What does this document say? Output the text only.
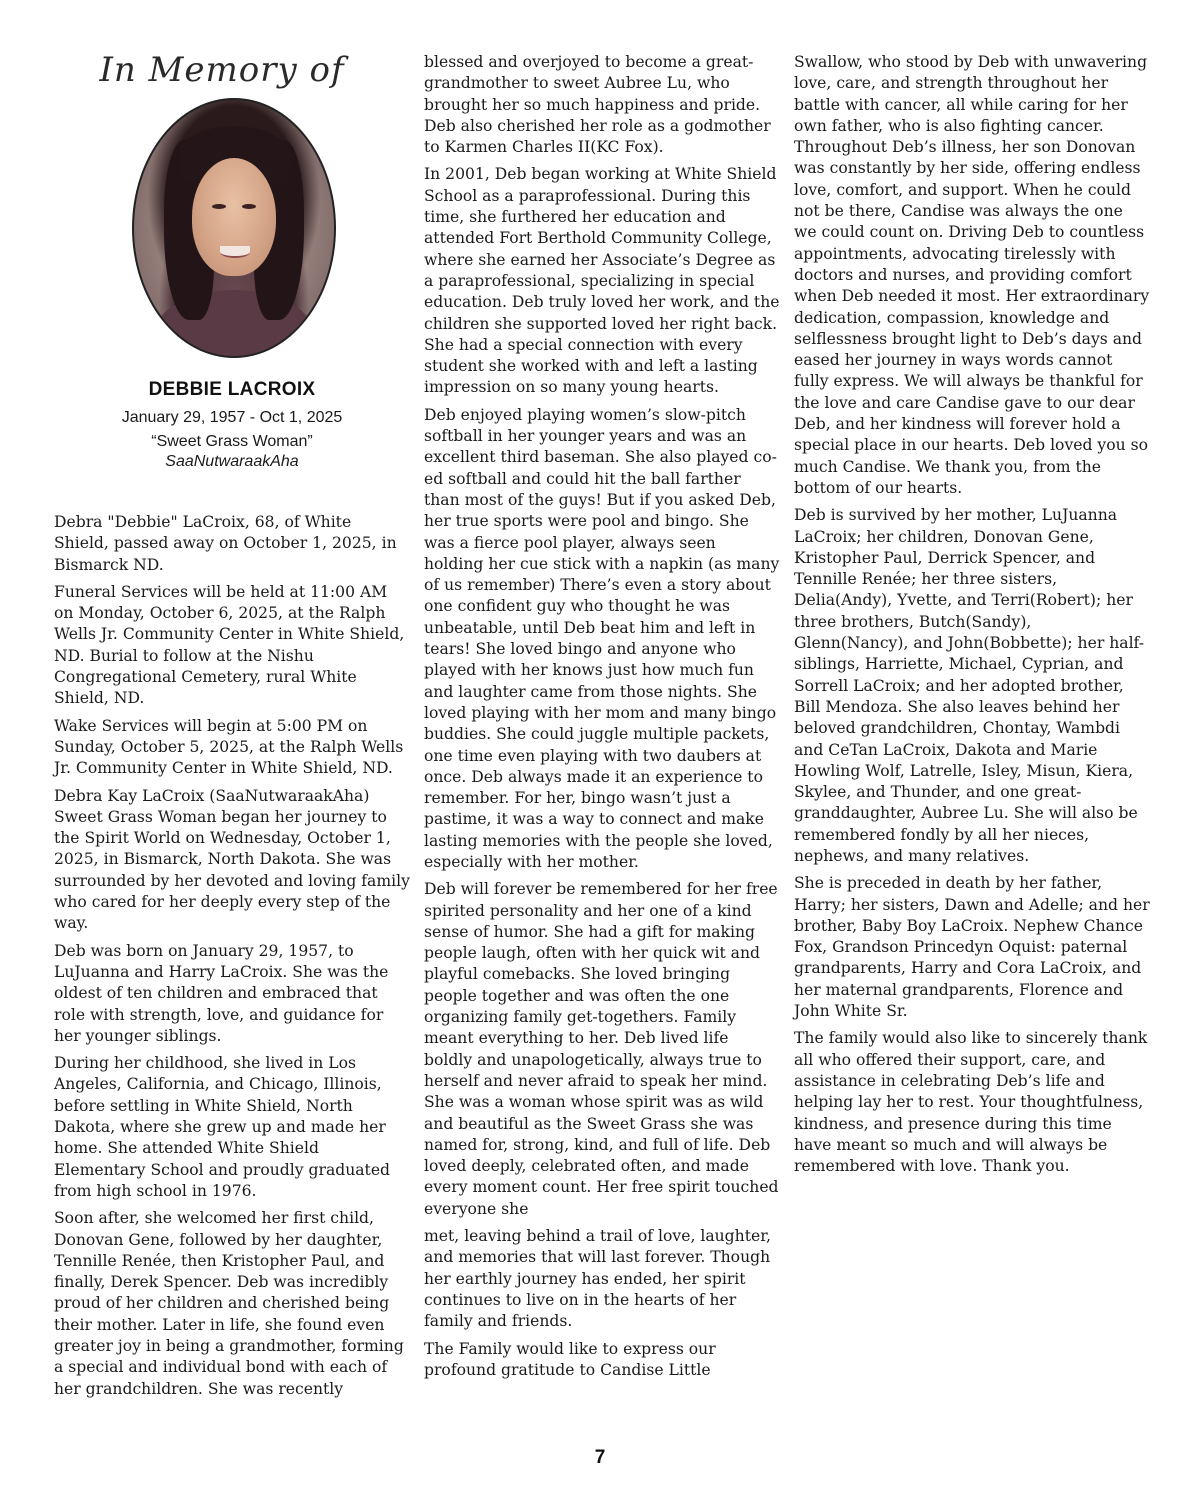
In Memory of
DEBBIE LACROIX
January 29, 1957 - Oct 1, 2025
“Sweet Grass Woman”
SaaNutwaraakAha

Debra "Debbie" LaCroix, 68, of White Shield, passed away on October 1, 2025, in Bismarck ND.

Funeral Services will be held at 11:00 AM on Monday, October 6, 2025, at the Ralph Wells Jr. Community Center in White Shield, ND. Burial to follow at the Nishu Congregational Cemetery, rural White Shield, ND.

Wake Services will begin at 5:00 PM on Sunday, October 5, 2025, at the Ralph Wells Jr. Community Center in White Shield, ND.

Debra Kay LaCroix (SaaNutwaraakAha) Sweet Grass Woman began her journey to the Spirit World on Wednesday, October 1, 2025, in Bismarck, North Dakota. She was surrounded by her devoted and loving family who cared for her deeply every step of the way.

Deb was born on January 29, 1957, to LuJuanna and Harry LaCroix. She was the oldest of ten children and embraced that role with strength, love, and guidance for her younger siblings.

During her childhood, she lived in Los Angeles, California, and Chicago, Illinois, before settling in White Shield, North Dakota, where she grew up and made her home. She attended White Shield Elementary School and proudly graduated from high school in 1976.

Soon after, she welcomed her first child, Donovan Gene, followed by her daughter, Tennille Renée, then Kristopher Paul, and finally, Derek Spencer. Deb was incredibly proud of her children and cherished being their mother. Later in life, she found even greater joy in being a grandmother, forming a special and individual bond with each of her grandchildren. She was recently

blessed and overjoyed to become a great-grandmother to sweet Aubree Lu, who brought her so much happiness and pride. Deb also cherished her role as a godmother to Karmen Charles II(KC Fox).

In 2001, Deb began working at White Shield School as a paraprofessional. During this time, she furthered her education and attended Fort Berthold Community College, where she earned her Associate’s Degree as a paraprofessional, specializing in special education. Deb truly loved her work, and the children she supported loved her right back. She had a special connection with every student she worked with and left a lasting impression on so many young hearts.

Deb enjoyed playing women’s slow-pitch softball in her younger years and was an excellent third baseman. She also played co-ed softball and could hit the ball farther than most of the guys! But if you asked Deb, her true sports were pool and bingo. She was a fierce pool player, always seen holding her cue stick with a napkin (as many of us remember) There’s even a story about one confident guy who thought he was unbeatable, until Deb beat him and left in tears! She loved bingo and anyone who played with her knows just how much fun and laughter came from those nights. She loved playing with her mom and many bingo buddies. She could juggle multiple packets, one time even playing with two daubers at once. Deb always made it an experience to remember. For her, bingo wasn’t just a pastime, it was a way to connect and make lasting memories with the people she loved, especially with her mother.

Deb will forever be remembered for her free spirited personality and her one of a kind sense of humor. She had a gift for making people laugh, often with her quick wit and playful comebacks. She loved bringing people together and was often the one organizing family get-togethers. Family meant everything to her. Deb lived life boldly and unapologetically, always true to herself and never afraid to speak her mind. She was a woman whose spirit was as wild and beautiful as the Sweet Grass she was named for, strong, kind, and full of life. Deb loved deeply, celebrated often, and made every moment count. Her free spirit touched everyone she

met, leaving behind a trail of love, laughter, and memories that will last forever. Though her earthly journey has ended, her spirit continues to live on in the hearts of her family and friends.

The Family would like to express our profound gratitude to Candise Little

Swallow, who stood by Deb with unwavering love, care, and strength throughout her battle with cancer, all while caring for her own father, who is also fighting cancer. Throughout Deb’s illness, her son Donovan was constantly by her side, offering endless love, comfort, and support. When he could not be there, Candise was always the one we could count on. Driving Deb to countless appointments, advocating tirelessly with doctors and nurses, and providing comfort when Deb needed it most. Her extraordinary dedication, compassion, knowledge and selflessness brought light to Deb’s days and eased her journey in ways words cannot fully express. We will always be thankful for the love and care Candise gave to our dear Deb, and her kindness will forever hold a special place in our hearts. Deb loved you so much Candise. We thank you, from the bottom of our hearts.

Deb is survived by her mother, LuJuanna LaCroix; her children, Donovan Gene, Kristopher Paul, Derrick Spencer, and Tennille Renée; her three sisters, Delia(Andy), Yvette, and Terri(Robert); her three brothers, Butch(Sandy), Glenn(Nancy), and John(Bobbette); her half-siblings, Harriette, Michael, Cyprian, and Sorrell LaCroix; and her adopted brother, Bill Mendoza. She also leaves behind her beloved grandchildren, Chontay, Wambdi and CeTan LaCroix, Dakota and Marie Howling Wolf, Latrelle, Isley, Misun, Kiera, Skylee, and Thunder, and one great-granddaughter, Aubree Lu. She will also be remembered fondly by all her nieces, nephews, and many relatives.

She is preceded in death by her father, Harry; her sisters, Dawn and Adelle; and her brother, Baby Boy LaCroix. Nephew Chance Fox, Grandson Princedyn Oquist: paternal grandparents, Harry and Cora LaCroix, and her maternal grandparents, Florence and John White Sr.

The family would also like to sincerely thank all who offered their support, care, and assistance in celebrating Deb’s life and helping lay her to rest. Your thoughtfulness, kindness, and presence during this time have meant so much and will always be remembered with love. Thank you.

7
